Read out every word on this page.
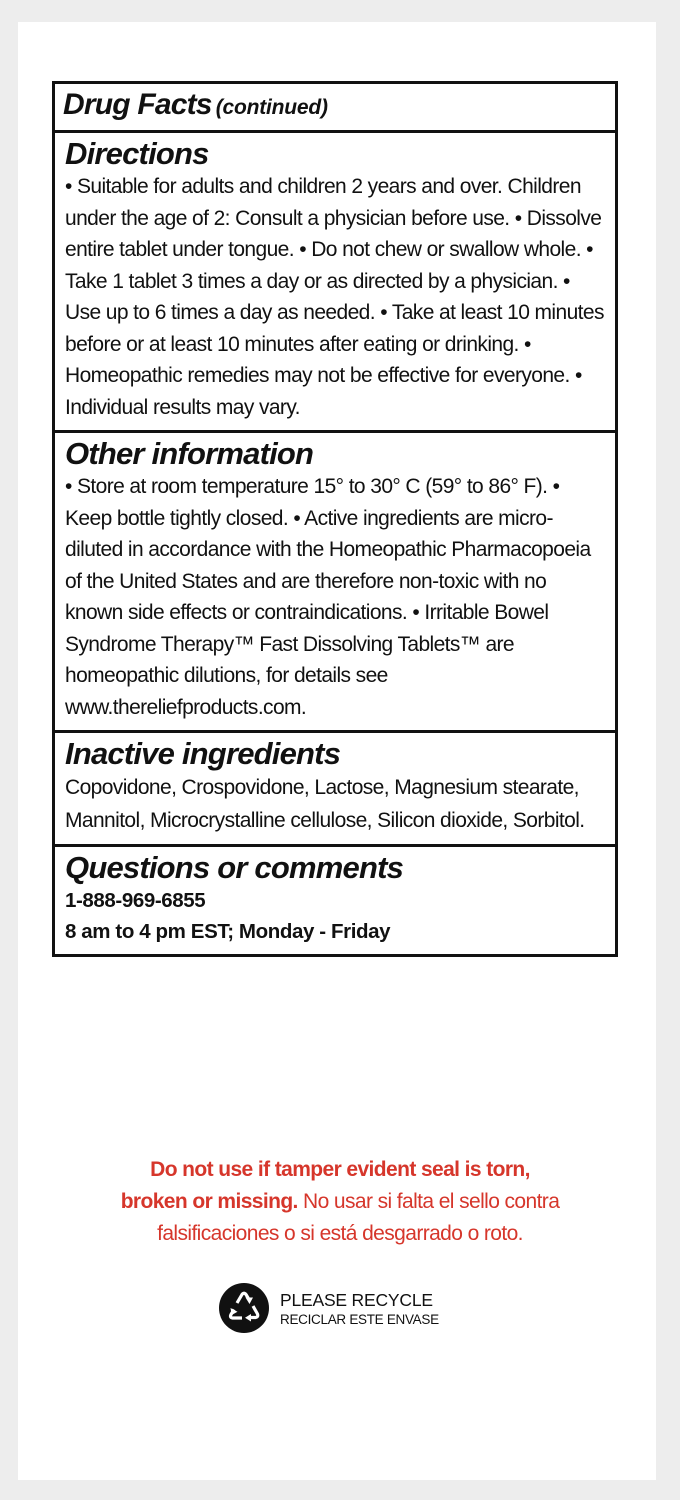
Drug Facts (continued)
Directions
• Suitable for adults and children 2 years and over. Children under the age of 2: Consult a physician before use. • Dissolve entire tablet under tongue. • Do not chew or swallow whole. • Take 1 tablet 3 times a day or as directed by a physician. • Use up to 6 times a day as needed. • Take at least 10 minutes before or at least 10 minutes after eating or drinking. • Homeopathic remedies may not be effective for everyone. • Individual results may vary.
Other information
• Store at room temperature 15° to 30° C (59° to 86° F). • Keep bottle tightly closed. • Active ingredients are micro-diluted in accordance with the Homeopathic Pharmacopoeia of the United States and are therefore non-toxic with no known side effects or contraindications. • Irritable Bowel Syndrome Therapy™ Fast Dissolving Tablets™ are homeopathic dilutions, for details see www.thereliefproducts.com.
Inactive ingredients
Copovidone, Crospovidone, Lactose, Magnesium stearate, Mannitol, Microcrystalline cellulose, Silicon dioxide, Sorbitol.
Questions or comments
1-888-969-6855
8 am to 4 pm EST; Monday - Friday
Do not use if tamper evident seal is torn,
broken or missing. No usar si falta el sello contra
falsificaciones o si está desgarrado o roto.
PLEASE RECYCLE
RECICLAR ESTE ENVASE
